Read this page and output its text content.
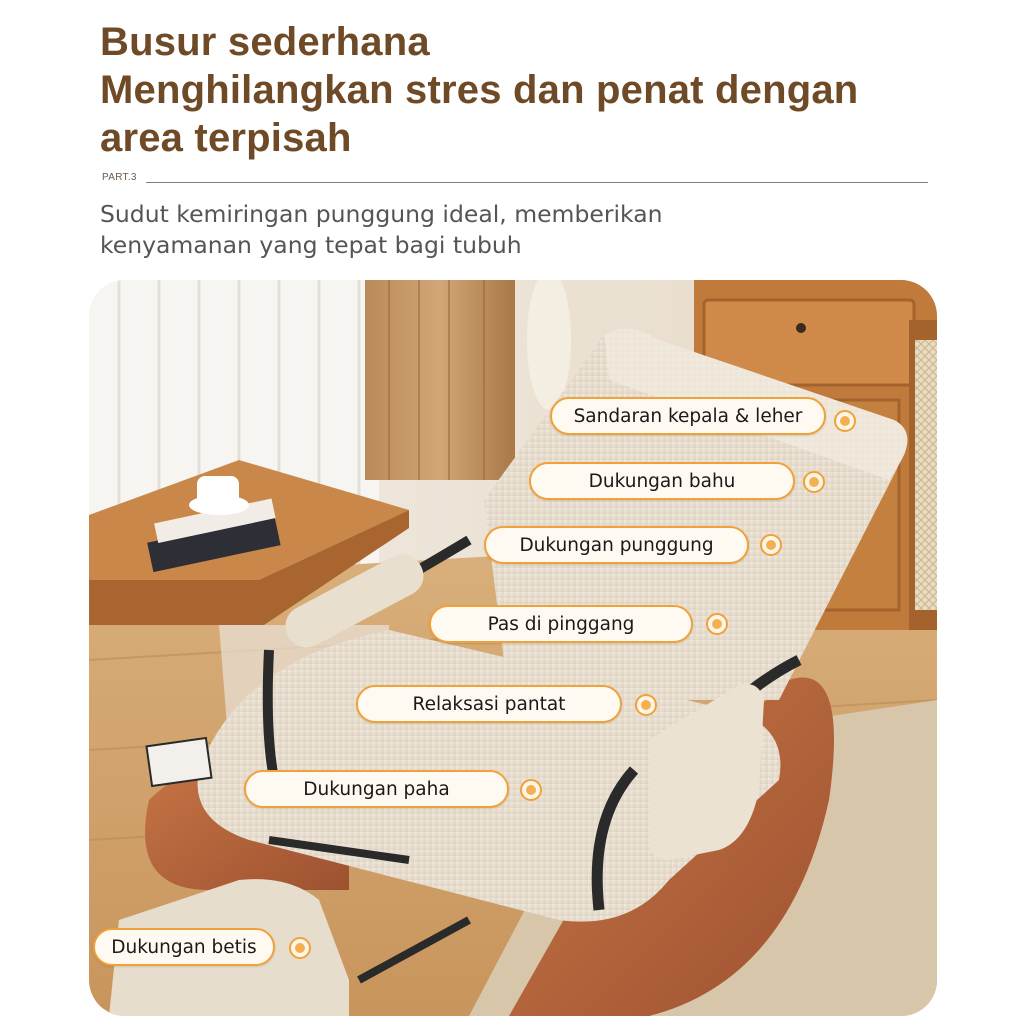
Busur sederhana
Menghilangkan stres dan penat dengan
area terpisah
PART.3

Sudut kemiringan punggung ideal, memberikan
kenyamanan yang tepat bagi tubuh

Sandaran kepala & leher
Dukungan bahu
Dukungan punggung
Pas di pinggang
Relaksasi pantat
Dukungan paha
Dukungan betis
